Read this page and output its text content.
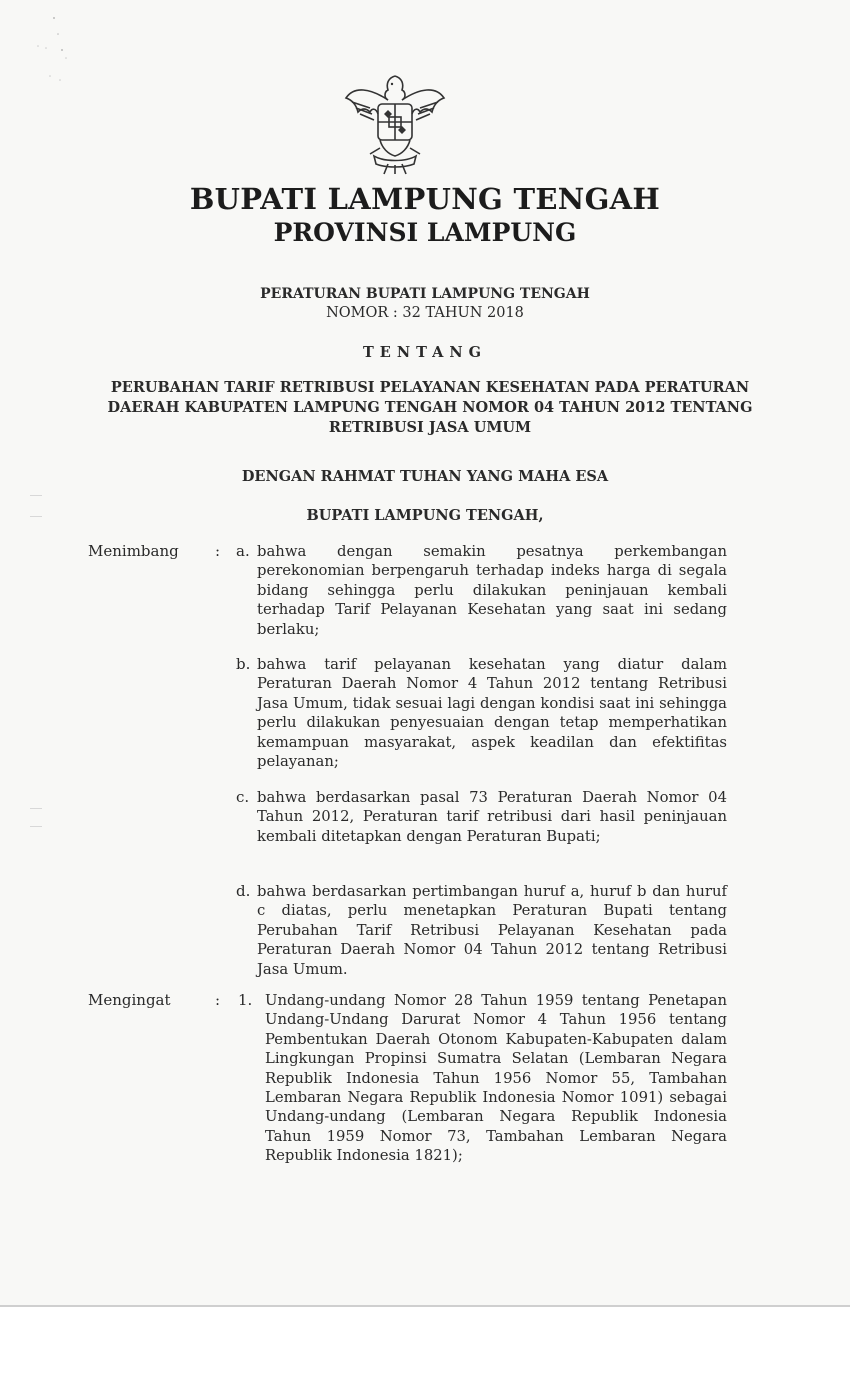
BUPATI LAMPUNG TENGAH
PROVINSI LAMPUNG
PERATURAN BUPATI LAMPUNG TENGAH
NOMOR : 32 TAHUN 2018
TENTANG
PERUBAHAN TARIF RETRIBUSI PELAYANAN KESEHATAN PADA PERATURAN
DAERAH KABUPATEN LAMPUNG TENGAH NOMOR 04 TAHUN 2012 TENTANG
RETRIBUSI JASA UMUM
DENGAN RAHMAT TUHAN YANG MAHA ESA
BUPATI LAMPUNG TENGAH,
Menimbang : a. bahwa dengan semakin pesatnya perkembangan perekonomian berpengaruh terhadap indeks harga di segala bidang sehingga perlu dilakukan peninjauan kembali terhadap Tarif Pelayanan Kesehatan yang saat ini sedang berlaku;
b. bahwa tarif pelayanan kesehatan yang diatur dalam Peraturan Daerah Nomor 4 Tahun 2012 tentang Retribusi Jasa Umum, tidak sesuai lagi dengan kondisi saat ini sehingga perlu dilakukan penyesuaian dengan tetap memperhatikan kemampuan masyarakat, aspek keadilan dan efektifitas pelayanan;
c. bahwa berdasarkan pasal 73 Peraturan Daerah Nomor 04 Tahun 2012, Peraturan tarif retribusi dari hasil peninjauan kembali ditetapkan dengan Peraturan Bupati;
d. bahwa berdasarkan pertimbangan huruf a, huruf b dan huruf c diatas, perlu menetapkan Peraturan Bupati tentang Perubahan Tarif Retribusi Pelayanan Kesehatan pada Peraturan Daerah Nomor 04 Tahun 2012 tentang Retribusi Jasa Umum.
Mengingat	: 1. Undang-undang Nomor 28 Tahun 1959 tentang Penetapan Undang-Undang Darurat Nomor 4 Tahun 1956 tentang Pembentukan Daerah Otonom Kabupaten-Kabupaten dalam Lingkungan Propinsi Sumatra Selatan (Lembaran Negara Republik Indonesia Tahun 1956 Nomor 55, Tambahan Lembaran Negara Republik Indonesia Nomor 1091) sebagai Undang-undang (Lembaran Negara Republik Indonesia Tahun 1959 Nomor 73, Tambahan Lembaran Negara Republik Indonesia 1821);
